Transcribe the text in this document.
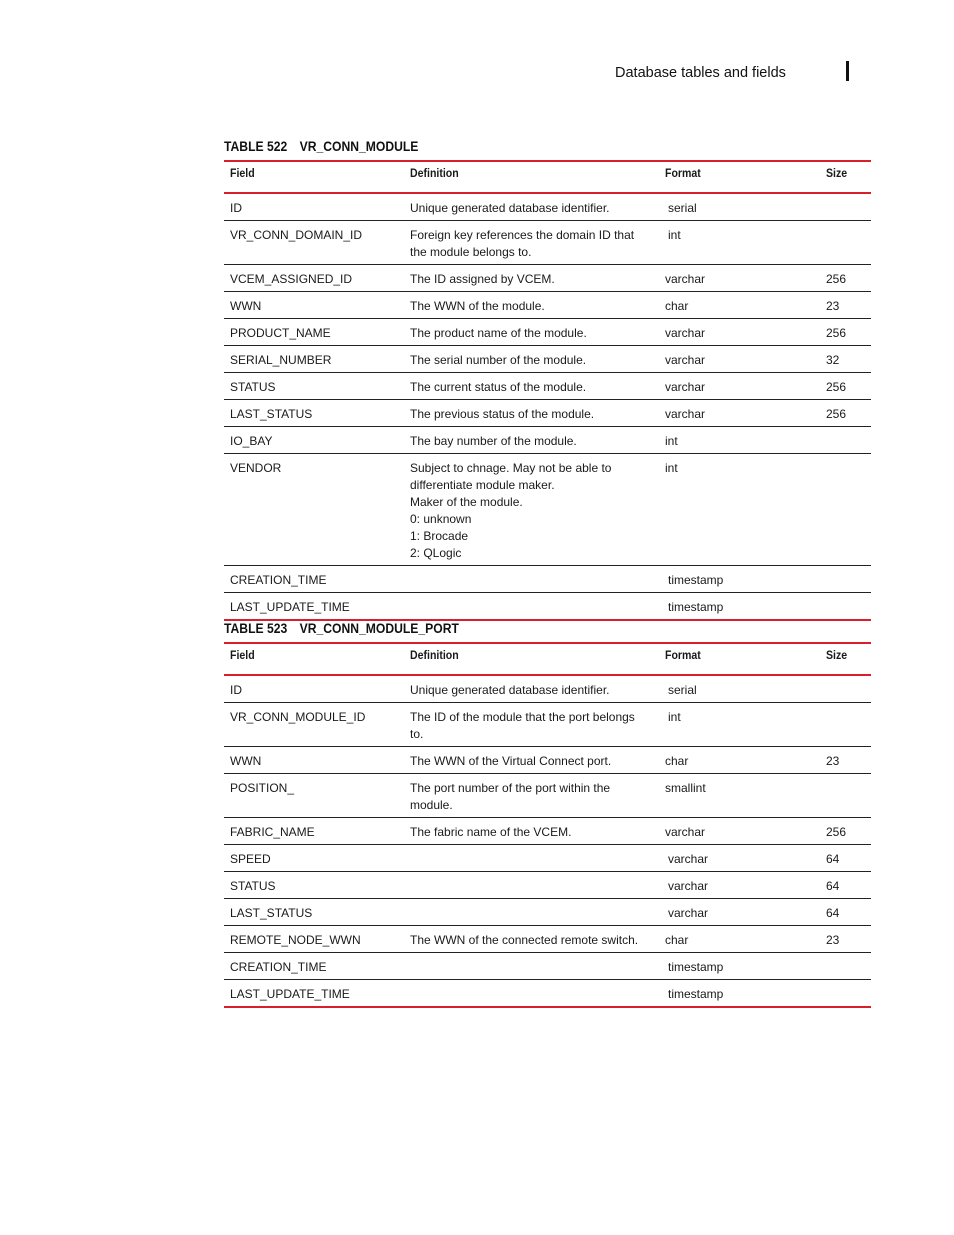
Database tables and fields
TABLE 522 VR_CONN_MODULE
Field	Definition	Format	Size
ID	Unique generated database identifier.	serial	
VR_CONN_DOMAIN_ID	Foreign key references the domain ID that the module belongs to.	int	
VCEM_ASSIGNED_ID	The ID assigned by VCEM.	varchar	256
WWN	The WWN of the module.	char	23
PRODUCT_NAME	The product name of the module.	varchar	256
SERIAL_NUMBER	The serial number of the module.	varchar	32
STATUS	The current status of the module.	varchar	256
LAST_STATUS	The previous status of the module.	varchar	256
IO_BAY	The bay number of the module.	int	
VENDOR	Subject to chnage. May not be able to differentiate module maker.
Maker of the module.
0: unknown
1: Brocade
2: QLogic	int	
CREATION_TIME		timestamp	
LAST_UPDATE_TIME		timestamp	
TABLE 523 VR_CONN_MODULE_PORT
Field	Definition	Format	Size
ID	Unique generated database identifier.	serial	
VR_CONN_MODULE_ID	The ID of the module that the port belongs to.	int	
WWN	The WWN of the Virtual Connect port.	char	23
POSITION_	The port number of the port within the module.	smallint	
FABRIC_NAME	The fabric name of the VCEM.	varchar	256
SPEED		varchar	64
STATUS		varchar	64
LAST_STATUS		varchar	64
REMOTE_NODE_WWN	The WWN of the connected remote switch.	char	23
CREATION_TIME		timestamp	
LAST_UPDATE_TIME		timestamp	
